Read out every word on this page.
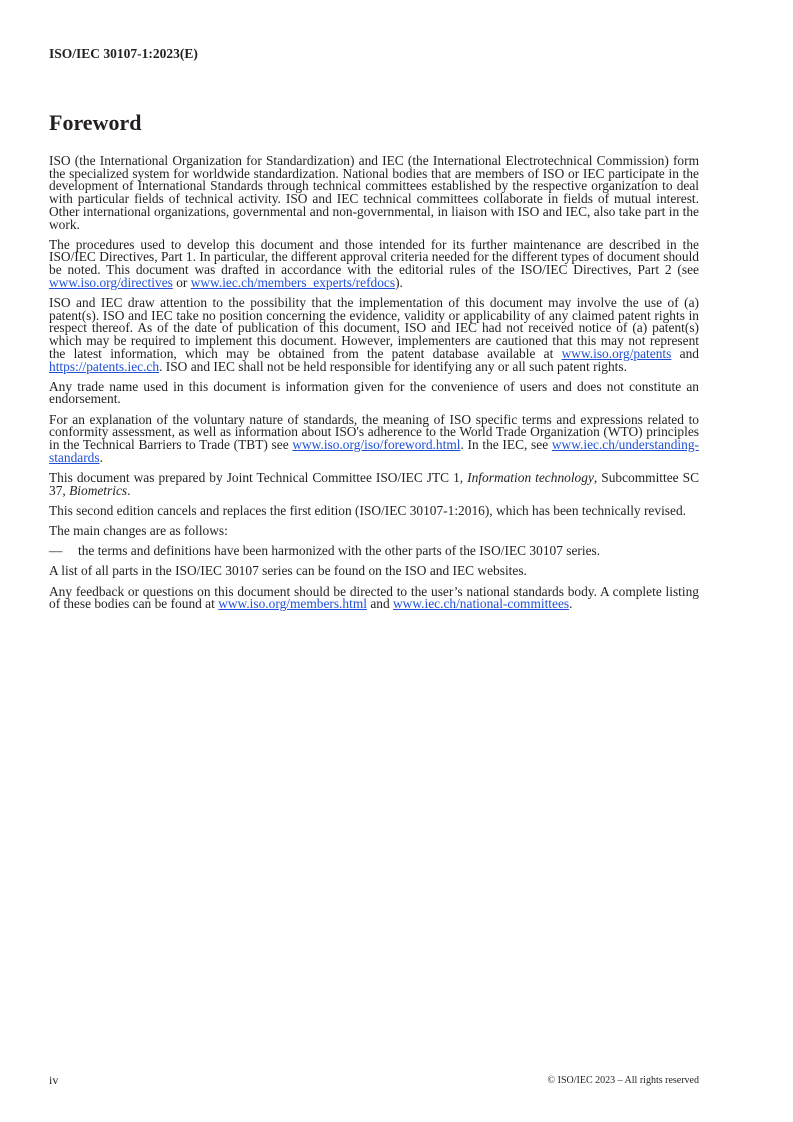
ISO/IEC 30107-1:2023(E)
Foreword

ISO (the International Organization for Standardization) and IEC (the International Electrotechnical Commission) form the specialized system for worldwide standardization. National bodies that are members of ISO or IEC participate in the development of International Standards through technical committees established by the respective organization to deal with particular fields of technical activity. ISO and IEC technical committees collaborate in fields of mutual interest. Other international organizations, governmental and non-governmental, in liaison with ISO and IEC, also take part in the work.

The procedures used to develop this document and those intended for its further maintenance are described in the ISO/IEC Directives, Part 1. In particular, the different approval criteria needed for the different types of document should be noted. This document was drafted in accordance with the editorial rules of the ISO/IEC Directives, Part 2 (see www.iso.org/directives or www.iec.ch/members_experts/refdocs).

ISO and IEC draw attention to the possibility that the implementation of this document may involve the use of (a) patent(s). ISO and IEC take no position concerning the evidence, validity or applicability of any claimed patent rights in respect thereof. As of the date of publication of this document, ISO and IEC had not received notice of (a) patent(s) which may be required to implement this document. However, implementers are cautioned that this may not represent the latest information, which may be obtained from the patent database available at www.iso.org/patents and https://patents.iec.ch. ISO and IEC shall not be held responsible for identifying any or all such patent rights.

Any trade name used in this document is information given for the convenience of users and does not constitute an endorsement.

For an explanation of the voluntary nature of standards, the meaning of ISO specific terms and expressions related to conformity assessment, as well as information about ISO's adherence to the World Trade Organization (WTO) principles in the Technical Barriers to Trade (TBT) see www.iso.org/iso/foreword.html. In the IEC, see www.iec.ch/understanding-standards.

This document was prepared by Joint Technical Committee ISO/IEC JTC 1, Information technology, Subcommittee SC 37, Biometrics.

This second edition cancels and replaces the first edition (ISO/IEC 30107-1:2016), which has been technically revised.

The main changes are as follows:

—	the terms and definitions have been harmonized with the other parts of the ISO/IEC 30107 series.

A list of all parts in the ISO/IEC 30107 series can be found on the ISO and IEC websites.

Any feedback or questions on this document should be directed to the user’s national standards body. A complete listing of these bodies can be found at www.iso.org/members.html and www.iec.ch/national-committees.

iv	© ISO/IEC 2023 – All rights reserved
